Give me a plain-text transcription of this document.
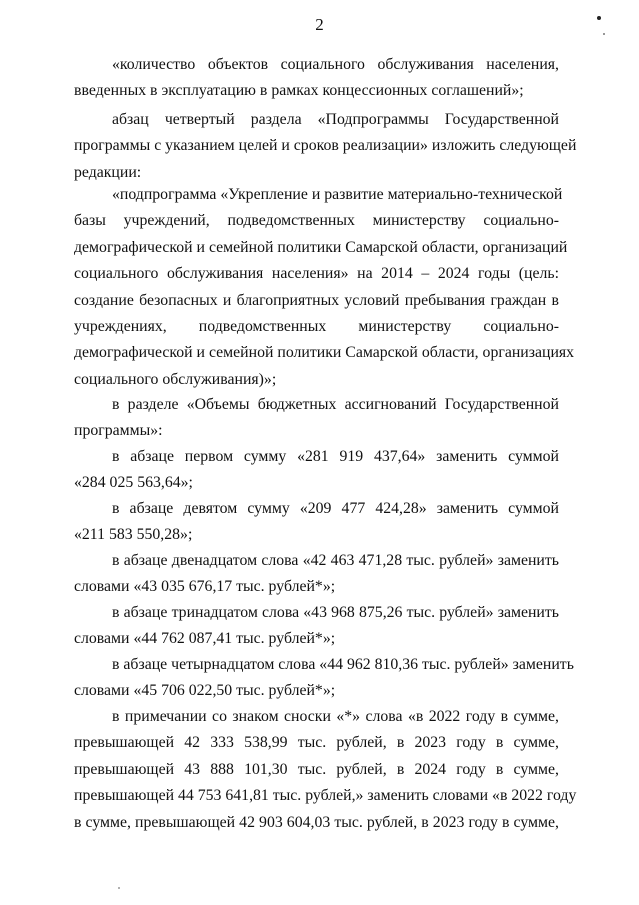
2
«количество объектов социального обслуживания населения,
введенных в эксплуатацию в рамках концессионных соглашений»;
абзац четвертый раздела «Подпрограммы Государственной
программы с указанием целей и сроков реализации» изложить следующей
редакции:
«подпрограмма «Укрепление и развитие материально-технической
базы учреждений, подведомственных министерству социально-
демографической и семейной политики Самарской области, организаций
социального обслуживания населения» на 2014 – 2024 годы (цель:
создание безопасных и благоприятных условий пребывания граждан в
учреждениях, подведомственных министерству социально-
демографической и семейной политики Самарской области, организациях
социального обслуживания)»;
в разделе «Объемы бюджетных ассигнований Государственной
программы»:
в абзаце первом сумму «281 919 437,64» заменить суммой
«284 025 563,64»;
в абзаце девятом сумму «209 477 424,28» заменить суммой
«211 583 550,28»;
в абзаце двенадцатом слова «42 463 471,28 тыс. рублей» заменить
словами «43 035 676,17 тыс. рублей*»;
в абзаце тринадцатом слова «43 968 875,26 тыс. рублей» заменить
словами «44 762 087,41 тыс. рублей*»;
в абзаце четырнадцатом слова «44 962 810,36 тыс. рублей» заменить
словами «45 706 022,50 тыс. рублей*»;
в примечании со знаком сноски «*» слова «в 2022 году в сумме,
превышающей 42 333 538,99 тыс. рублей, в 2023 году в сумме,
превышающей 43 888 101,30 тыс. рублей, в 2024 году в сумме,
превышающей 44 753 641,81 тыс. рублей,» заменить словами «в 2022 году
в сумме, превышающей 42 903 604,03 тыс. рублей, в 2023 году в сумме,
